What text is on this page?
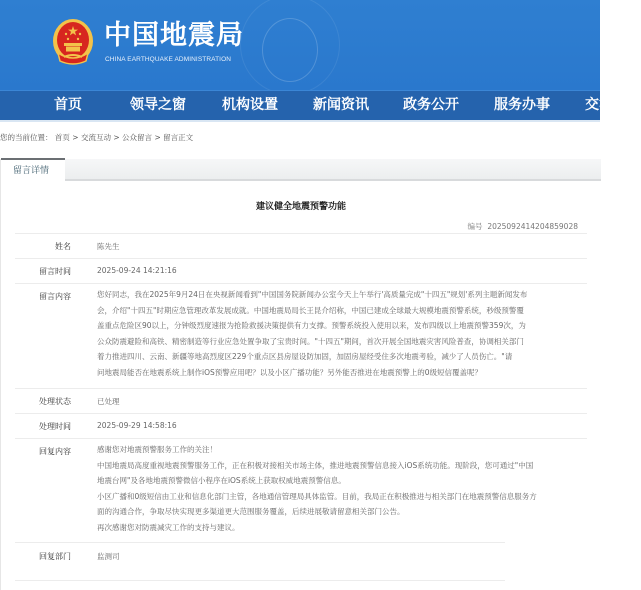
中国地震局
CHINA EARTHQUAKE ADMINISTRATION
首页	领导之窗	机构设置	新闻资讯 政务公开	服务办事	交流互动
您的当前位置： 首页 > 交流互动 > 公众留言 > 留言正文
留言详情
建议健全地震预警功能
编号 20250924142048590​28
姓名	陈先生
留言时间	2025-09-24 14:21:16
留言内容	您好同志，我在2025年9月24日在央视新闻看到"中国国务院新闻办公室今天上午举行'高质量完成"十四五"规划'系列主题新闻发布
会，介绍"十四五"时期应急管理改革发展成就。中国地震局局长王昆介绍称，中国已建成全球最大规模地震预警系统，秒级预警覆
盖重点危险区90以上，分钟级烈度速报为抢险救援决策提供有力支撑。预警系统投入使用以来，发布四级以上地震预警359次，为
公众防震避险和高铁、精密制造等行业应急处置争取了宝贵时间。"十四五"期间，首次开展全国地震灾害风险普查，协调相关部门
着力推进四川、云南、新疆等地高烈度区229个重点区县房屋设防加固，加固房屋经受住多次地震考验，减少了人员伤亡。"请
问地震局能否在地震系统上制作iOS预警应用吧？以及小区广播功能？另外能否推进在地震预警上的0级短信覆盖呢？
处理状态	已处理
处理时间	2025-09-29 14:58:16
回复内容	感谢您对地震预警服务工作的关注！
中国地震局高度重视地震预警服务工作，正在积极对接相关市场主体，推进地震预警信息接入iOS系统功能。现阶段，您可通过"中国
地震台网"及各地地震预警微信小程序在iOS系统上获取权威地震预警信息。
小区广播和0级短信由工业和信息化部门主管，各地通信管理局具体监管。目前，我局正在积极推进与相关部门在地震预警信息服务方
面的沟通合作，争取尽快实现更多渠道更大范围服务覆盖，后续进展敬请留意相关部门公告。
再次感谢您对防震减灾工作的支持与建议。
回复部门	监测司
